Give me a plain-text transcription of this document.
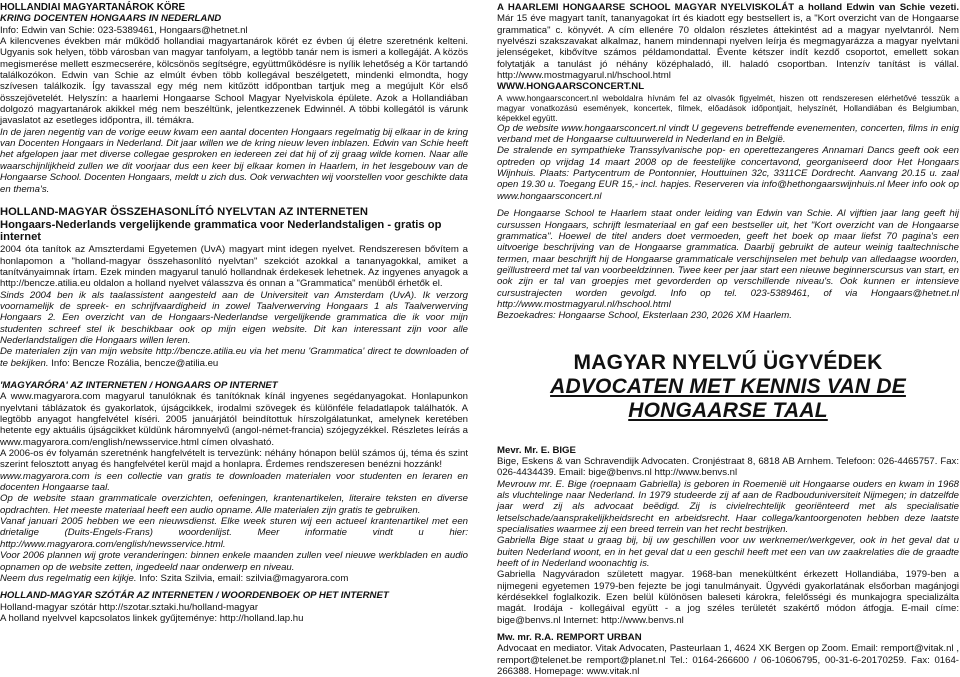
HOLLANDIAI MAGYARTANÁROK KÖRE

KRING DOCENTEN HONGAARS IN NEDERLAND

Info: Edwin van Schie: 023-5389461, Hongaars@hetnet.nl

A kilencvenes években már működő hollandiai magyartanárok körét ez évben új életre szeretnénk kelteni. Ugyanis sok helyen, több városban van magyar tanfolyam, a legtöbb tanár nem is ismeri a kollegáját. A közös megismerése mellett eszmecserére, kölcsönös segítségre, együttműködésre is nyílik lehetőség a Kör tartandó találkozókon. Edwin van Schie az elmúlt évben több kollegával beszélgetett, mindenki elmondta, hogy szívesen találkozik. Így tavasszal egy még nem kitűzött időpontban tartjuk meg a megújult Kör első összejövetelét. Helyszín: a haarlemi Hongaarse School Magyar Nyelviskola épülete. Azok a Hollandiában dolgozó magyartanárok akikkel még nem beszéltünk, jelentkezzenek Edwinnél. A többi kollegától is várunk javaslatot az esetleges időpontra, ill. témákra.

In de jaren negentig van de vorige eeuw kwam een aantal docenten Hongaars regelmatig bij elkaar in de kring van Docenten Hongaars in Nederland. Dit jaar willen we de kring nieuw leven inblazen. Edwin van Schie heeft het afgelopen jaar met diverse collegae gesproken en iedereen zei dat hij of zij graag wilde komen. Naar alle waarschijnlijkheid zullen we dit voorjaar dus een keer bij elkaar komen in Haarlem, in het lesgebouw van de Hongaarse School. Docenten Hongaars, meldt u zich dus. Ook verwachten wij voorstellen voor geschikte data en thema's.

HOLLAND-MAGYAR ÖSSZEHASONLÍTÓ NYELVTAN AZ INTERNETEN

Hongaars-Nederlands vergelijkende grammatica voor Nederlandstaligen - gratis op internet

2004 óta tanítok az Amszterdami Egyetemen (UvA) magyart mint idegen nyelvet. Rendszeresen bővítem a honlapomon a "holland-magyar összehasonlító nyelvtan" szekciót azokkal a tananyagokkal, amiket a tanítványaimnak írtam. Ezek minden magyarul tanuló hollandnak érdekesek lehetnek. Az ingyenes anyagok a http://bencze.atilia.eu oldalon a holland nyelvet válasszva és onnan a "Grammatica" menüből érhetők el.

Sinds 2004 ben ik als taalassistent aangesteld aan de Universiteit van Amsterdam (UvA). Ik verzorg voornamelijk de spreek- en schrijfvaardigheid in zowel Taalverwerving Hongaars 1 als Taalverwerving Hongaars 2. Een overzicht van de Hongaars-Nederlandse vergelijkende grammatica die ik voor mijn studenten schreef stel ik beschikbaar ook op mijn eigen website. Dit kan interessant zijn voor alle Nederlandstaligen die Hongaars willen leren.

De materialen zijn van mijn website http://bencze.atilia.eu via het menu 'Grammatica' direct te downloaden of te bekijken. Info: Bencze Rozália, bencze@atilia.eu

'MAGYARÓRA' AZ INTERNETEN / HONGAARS OP INTERNET

A www.magyarora.com magyarul tanulóknak és tanítóknak kínál ingyenes segédanyagokat. Honlapunkon nyelvtani táblázatok és gyakorlatok, újságcikkek, irodalmi szövegek és különféle feladatlapok találhatók. A legtöbb anyagot hangfelvétel kíséri. 2005 januárjától beindítottuk hírszolgálatunkat, amelynek keretében hetente egy aktuális újságcikket küldünk háromnyelvű (angol-német-francia) szójegyzékkel. Részletes leírás a www.magyarora.com/english/newsservice.html címen olvasható.

A 2006-os év folyamán szeretnénk hangfelvételt is tervezünk: néhány hónapon belül számos új, téma és szint szerint felosztott anyag és hangfelvétel kerül majd a honlapra. Érdemes rendszeresen benézni hozzánk!

www.magyarora.com is een collectie van gratis te downloaden materialen voor studenten en leraren en docenten Hongaarse taal.

Op de website staan grammaticale overzichten, oefeningen, krantenartikelen, literaire teksten en diverse opdrachten. Het meeste materiaal heeft een audio opname. Alle materialen zijn gratis te gebruiken.

Vanaf januari 2005 hebben we een nieuwsdienst. Elke week sturen wij een actueel krantenartikel met een drietalige (Duits-Engels-Frans) woordenlijst. Meer informatie vindt u hier: http://www.magyarora.com/english/newsservice.html.

Voor 2006 plannen wij grote veranderingen: binnen enkele maanden zullen veel nieuwe werkbladen en audio opnamen op de website zetten, ingedeeld naar onderwerp en niveau.

Neem dus regelmatig een kijkje. Info: Szita Szilvia, email: szilvia@magyarora.com

HOLLAND-MAGYAR SZÓTÁR AZ INTERNETEN / WOORDENBOEK OP HET INTERNET

Holland-magyar szótár http://szotar.sztaki.hu/holland-magyar

A holland nyelvvel kapcsolatos linkek gyűjteménye: http://holland.lap.hu

A HAARLEMI HONGAARSE SCHOOL MAGYAR NYELVISKOLÁT a holland Edwin van Schie vezeti. Már 15 éve magyart tanít, tananyagokat írt és kiadott egy bestsellert is, a "Kort overzicht van de Hongaarse grammatica" c. könyvét. A cím ellenére 70 oldalon részletes áttekintést ad a magyar nyelvtanról. Nem nyelvészi szakszavakat alkalmaz, hanem mindennapi nyelven leírja és megmagyarázza a magyar nyelvtani jelenségeket, kibővítve számos példamondattal. Évente kétszer indít kezdő csoportot, emellett sokan folytatják a tanulást jó néhány középhaladó, ill. haladó csoportban. Intenzív tanítást is vállal. http://www.mostmagyarul.nl/hschool.html

WWW.HONGAARSCONCERT.NL

A www.hongaarsconcert.nl weboldalra hívnám fel az olvasók figyelmét, hiszen ott rendszeresen elérhetővé tesszük a magyar vonatkozású események, koncertek, filmek, előadások időpontjait, helyszínét, Hollandiában és Belgiumban, képekkel együtt.

Op de website www.hongaarsconcert.nl vindt U gegevens betreffende evenementen, concerten, films in enig verband met de Hongaarse cultuurwereld in Nederland en in België.

De stralende en sympathieke Transsylvanische pop- en operettezangeres Annamari Dancs geeft ook een optreden op vrijdag 14 maart 2008 op de feestelijke concertavond, georganiseerd door Het Hongaars Wijnhuis. Plaats: Partycentrum de Pontonnier, Houttuinen 32c, 3311CE Dordrecht. Aanvang 20.15 u. zaal open 19.30 u. Toegang EUR 15,- incl. hapjes. Reserveren via info@hethongaarswijnhuis.nl Meer info ook op www.hongaarsconcert.nl

De Hongaarse School te Haarlem staat onder leiding van Edwin van Schie. Al vijftien jaar lang geeft hij cursussen Hongaars, schrijft lesmateriaal en gaf een bestseller uit, het "Kort overzicht van de Hongaarse grammatica". Hoewel de titel anders doet vermoeden, geeft het boek op maar liefst 70 pagina's een uitvoerige beschrijving van de Hongaarse grammatica. Daarbij gebruikt de auteur weinig taaltechnische termen, maar beschrijft hij de Hongaarse grammaticale verschijnselen met behulp van alledaagse woorden, geïllustreerd met tal van voorbeeldzinnen. Twee keer per jaar start een nieuwe beginnerscursus van start, en ook zijn er tal van groepjes met gevorderden op verschillende niveau's. Ook kunnen er intensieve cursustrajecten worden gevolgd. Info op tel. 023-5389461, of via Hongaars@hetnet.nl http://www.mostmagyarul.nl/hschool.html

Bezoekadres: Hongaarse School, Eksterlaan 230, 2026 XM Haarlem.

MAGYAR NYELVŰ ÜGYVÉDEK

ADVOCATEN MET KENNIS VAN DE HONGAARSE TAAL

Mevr. Mr. E. BIGE

Bige, Eskens & van Schravendijk Advocaten. Cronjéstraat 8, 6818 AB Arnhem. Telefoon: 026-4465757. Fax: 026-4434439. Email: bige@benvs.nl http://www.benvs.nl

Mevrouw mr. E. Bige (roepnaam Gabriella) is geboren in Roemenië uit Hongaarse ouders en kwam in 1968 als vluchtelinge naar Nederland. In 1979 studeerde zij af aan de Radbouduniversiteit Nijmegen; in datzelfde jaar werd zij als advocaat beëdigd. Zij is civielrechtelijk georiënteerd met als specialisatie letselschade/aansprakelijkheidsrecht en arbeidsrecht. Haar collega/kantoorgenoten hebben deze laatste specialisaties waarmee zij een breed terrein van het recht bestrijken.

Gabriella Bige staat u graag bij, bij uw geschillen voor uw werknemer/werkgever, ook in het geval dat u buiten Nederland woont, en in het geval dat u een geschil heeft met een van uw zaakrelaties die de graadte heeft of in Nederland woonachtig is.

Gabriella Nagyváradon született magyar. 1968-ban menekültként érkezett Hollandiába, 1979-ben a nijmegeni egyetemen 1979-ben fejezte be jogi tanulmányait. Ügyvédi gyakorlatának elsőorban magánjogi kérdésekkel foglalkozik. Ezen belül különösen baleseti károkra, felelősségi és munkajogra specializálta magát. Irodája - kollegáival együtt - a jog széles területét szakértő módon átfogja. E-mail címe: bige@benvs.nl Internet: http://www.benvs.nl

Mw. mr. R.A. REMPORT URBAN

Advocaat en mediator. Vitak Advocaten, Pasteurlaan 1, 4624 XK Bergen op Zoom. Email: remport@vitak.nl , remport@telenet.be remport@planet.nl Tel.: 0164-266600 / 06-10606795, 00-31-6-20170259. Fax: 0164-266388. Homepage: www.vitak.nl
